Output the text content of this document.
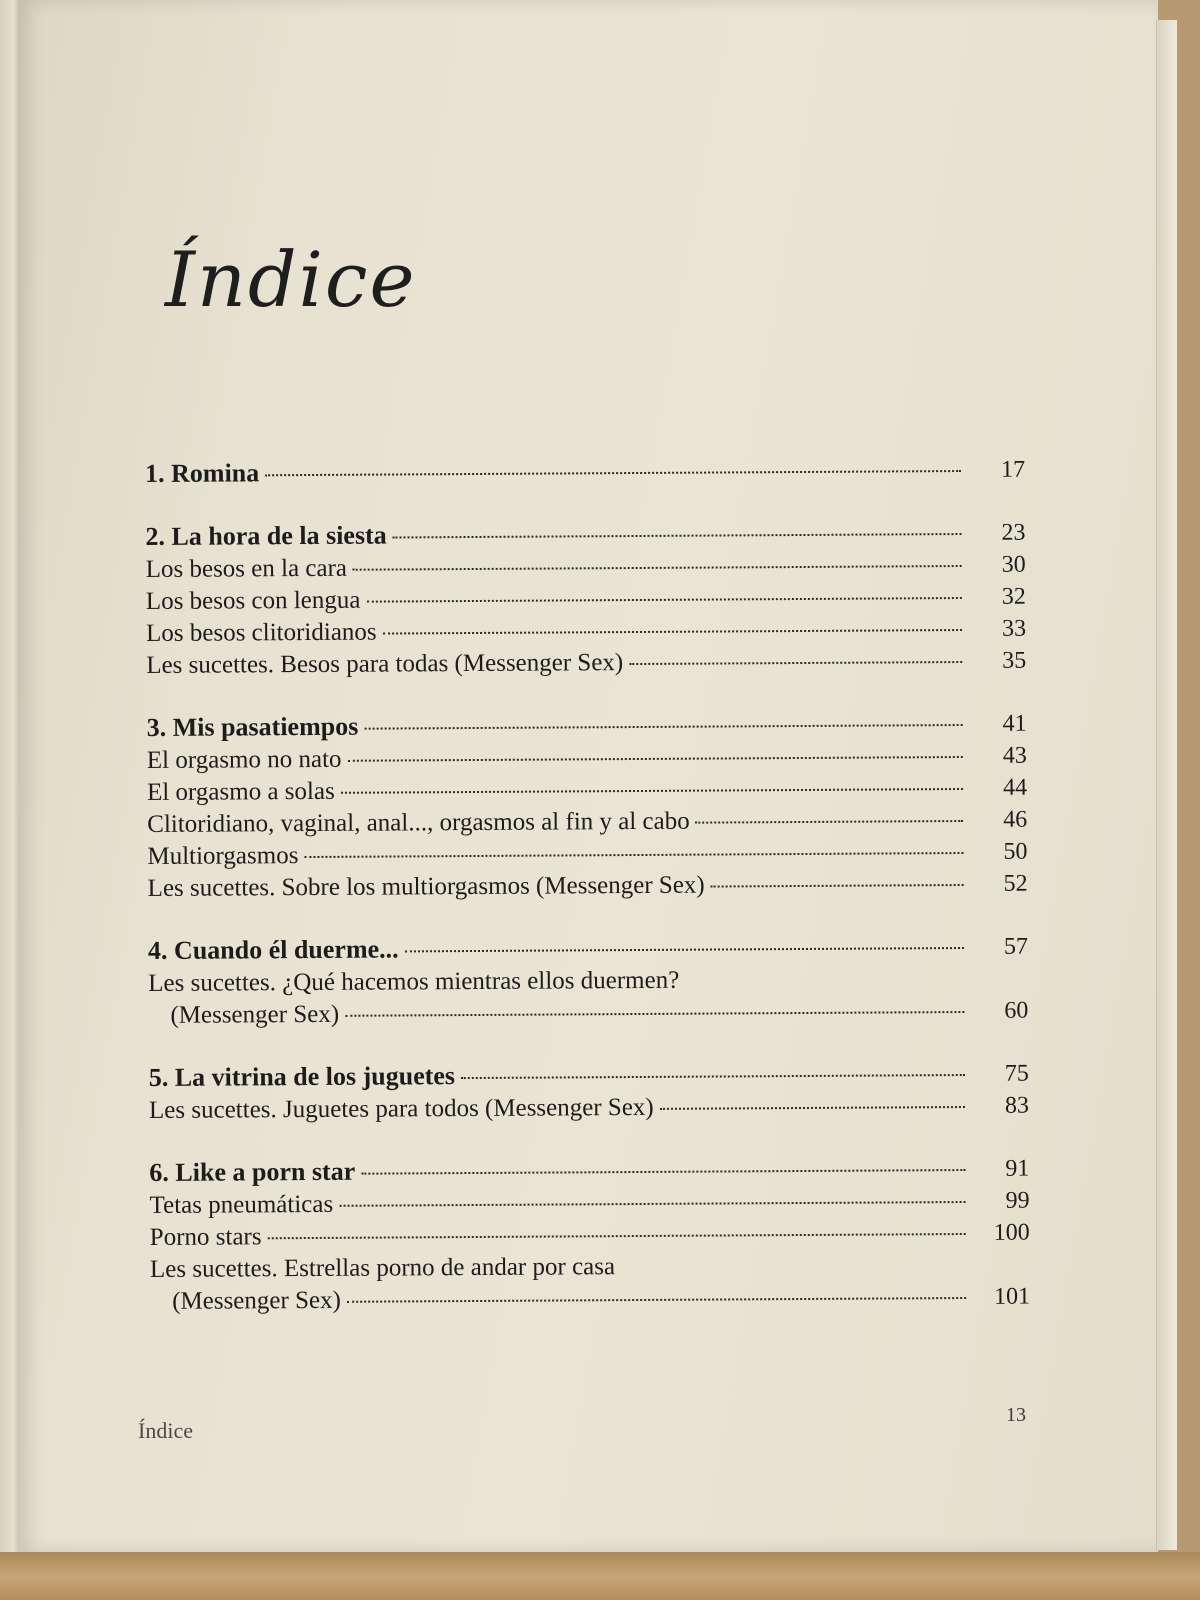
Índice
1. Romina	17
2. La hora de la siesta	23
Los besos en la cara	30
Los besos con lengua	32
Los besos clitoridianos	33
Les sucettes. Besos para todas (Messenger Sex)	35
3. Mis pasatiempos	41
El orgasmo no nato	43
El orgasmo a solas	44
Clitoridiano, vaginal, anal..., orgasmos al fin y al cabo	46
Multiorgasmos	50
Les sucettes. Sobre los multiorgasmos (Messenger Sex)	52
4. Cuando él duerme...	57
Les sucettes. ¿Qué hacemos mientras ellos duermen?
(Messenger Sex)	60
5. La vitrina de los juguetes	75
Les sucettes. Juguetes para todos (Messenger Sex)	83
6. Like a porn star	91
Tetas pneumáticas	99
Porno stars	100
Les sucettes. Estrellas porno de andar por casa
(Messenger Sex)	101
Índice
13
